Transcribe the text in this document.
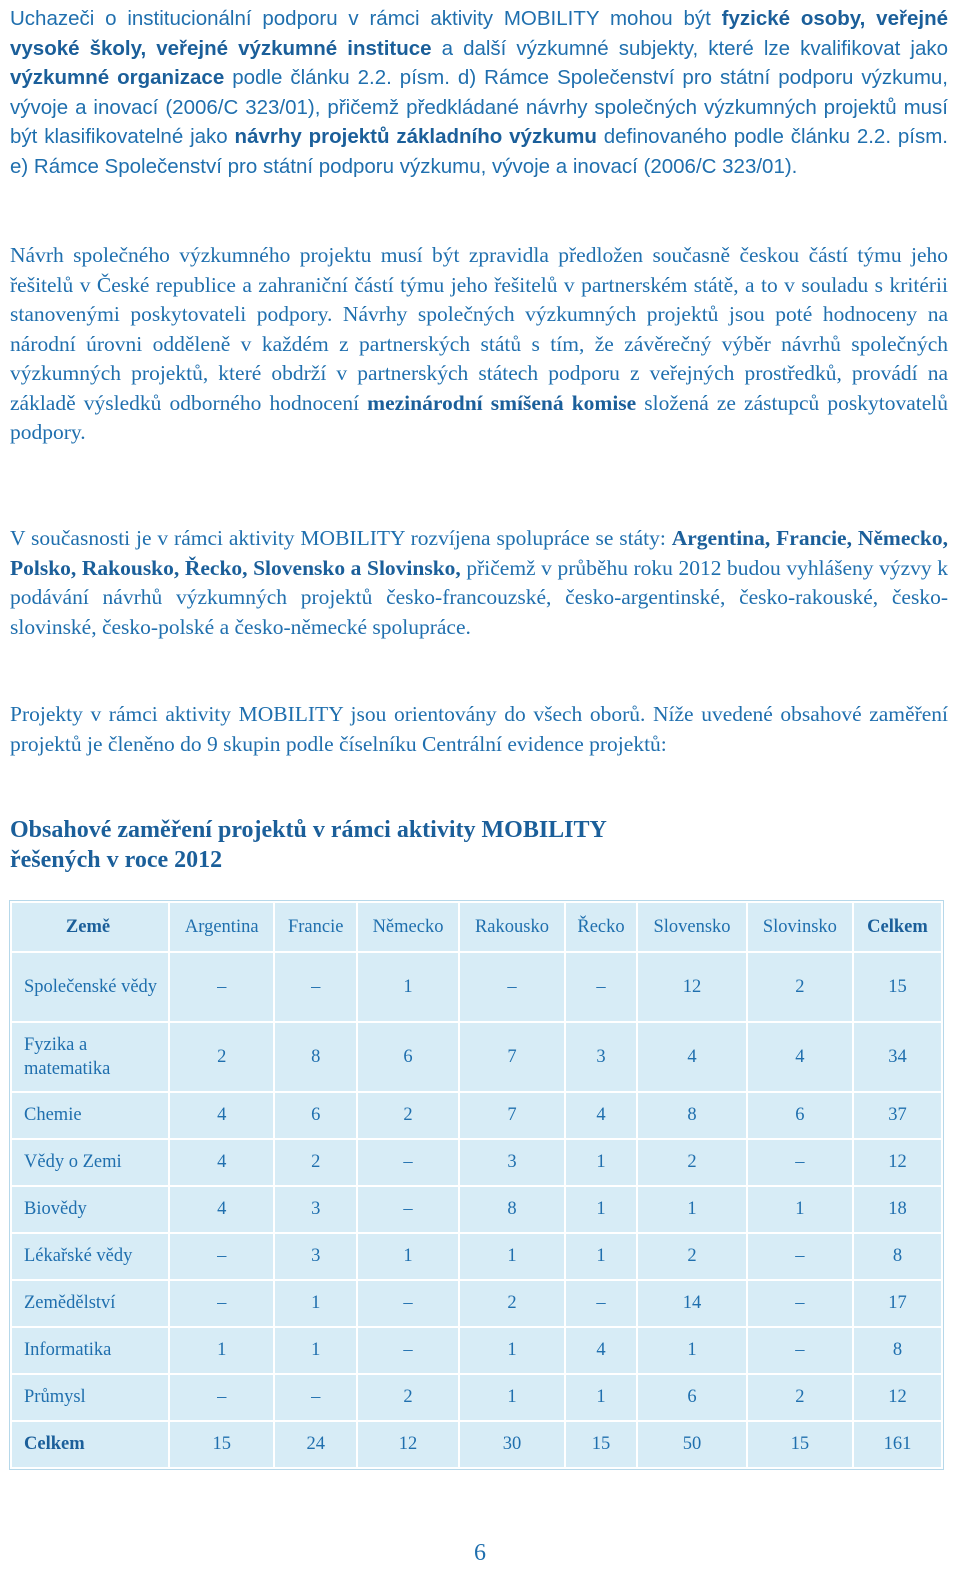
Uchazeči o institucionální podporu v rámci aktivity MOBILITY mohou být fyzické osoby, veřejné vysoké školy, veřejné výzkumné instituce a další výzkumné subjekty, které lze kvalifikovat jako výzkumné organizace podle článku 2.2. písm. d) Rámce Společenství pro státní podporu výzkumu, vývoje a inovací (2006/C 323/01), přičemž předkládané návrhy společných výzkumných projektů musí být klasifikovatelné jako návrhy projektů základního výzkumu definovaného podle článku 2.2. písm. e) Rámce Společenství pro státní podporu výzkumu, vývoje a inovací (2006/C 323/01).

Návrh společného výzkumného projektu musí být zpravidla předložen současně českou částí týmu jeho řešitelů v České republice a zahraniční částí týmu jeho řešitelů v partnerském státě, a to v souladu s kritérii stanovenými poskytovateli podpory. Návrhy společných výzkumných projektů jsou poté hodnoceny na národní úrovni odděleně v každém z partnerských států s tím, že závěrečný výběr návrhů společných výzkumných projektů, které obdrží v partnerských státech podporu z veřejných prostředků, provádí na základě výsledků odborného hodnocení mezinárodní smíšená komise složená ze zástupců poskytovatelů podpory.

V současnosti je v rámci aktivity MOBILITY rozvíjena spolupráce se státy: Argentina, Francie, Německo, Polsko, Rakousko, Řecko, Slovensko a Slovinsko, přičemž v průběhu roku 2012 budou vyhlášeny výzvy k podávání návrhů výzkumných projektů česko-francouzské, česko-argentinské, česko-rakouské, česko-slovinské, česko-polské a česko-německé spolupráce.

Projekty v rámci aktivity MOBILITY jsou orientovány do všech oborů. Níže uvedené obsahové zaměření projektů je členěno do 9 skupin podle číselníku Centrální evidence projektů:

Obsahové zaměření projektů v rámci aktivity MOBILITY
řešených v roce 2012
Země	Argentina	Francie	Německo	Rakousko	Řecko	Slovensko	Slovinsko	Celkem
Společenské vědy	–	–	1	–	–	12	2	15
Fyzika a matematika	2	8	6	7	3	4	4	34
Chemie	4	6	2	7	4	8	6	37
Vědy o Zemi	4	2	–	3	1	2	–	12
Biovědy	4	3	–	8	1	1	1	18
Lékařské vědy	–	3	1	1	1	2	–	8
Zemědělství	–	1	–	2	–	14	–	17
Informatika	1	1	–	1	4	1	–	8
Průmysl	–	–	2	1	1	6	2	12
Celkem	15	24	12	30	15	50	15	161
6
